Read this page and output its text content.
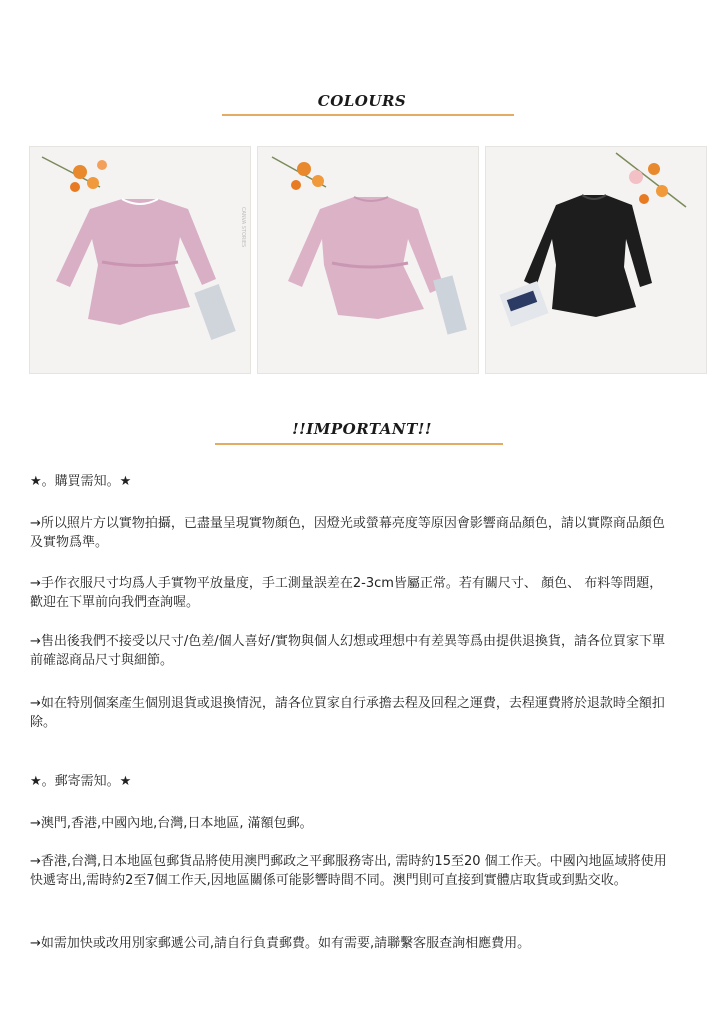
COLOURS
CANVA STORIES
!!IMPORTANT!!

★。購買需知。★

→所以照片方以實物拍攝，已盡量呈現實物顏色，因燈光或螢幕亮度等原因會影響商品顏色，請以實際商品顏色及實物爲準。

→手作衣服尺寸均爲人手實物平放量度，手工測量誤差在2-3cm皆屬正常。若有關尺寸、 顏色、 布料等問題，歡迎在下單前向我們查詢喔。

→售出後我們不接受以尺寸/色差/個人喜好/實物與個人幻想或理想中有差異等爲由提供退換貨，請各位買家下單前確認商品尺寸與細節。

→如在特別個案產生個別退貨或退換情況，請各位買家自行承擔去程及回程之運費，去程運費將於退款時全額扣除。

★。郵寄需知。★

→澳門,香港,中國內地,台灣,日本地區, 滿額包郵。

→香港,台灣,日本地區包郵貨品將使用澳門郵政之平郵服務寄出, 需時約15至20 個工作天。中國內地區域將使用快遞寄出,需時約2至7個工作天,因地區關係可能影響時間不同。澳門則可直接到實體店取貨或到點交收。

→如需加快或改用別家郵遞公司,請自行負責郵費。如有需要,請聯繫客服查詢相應費用。
